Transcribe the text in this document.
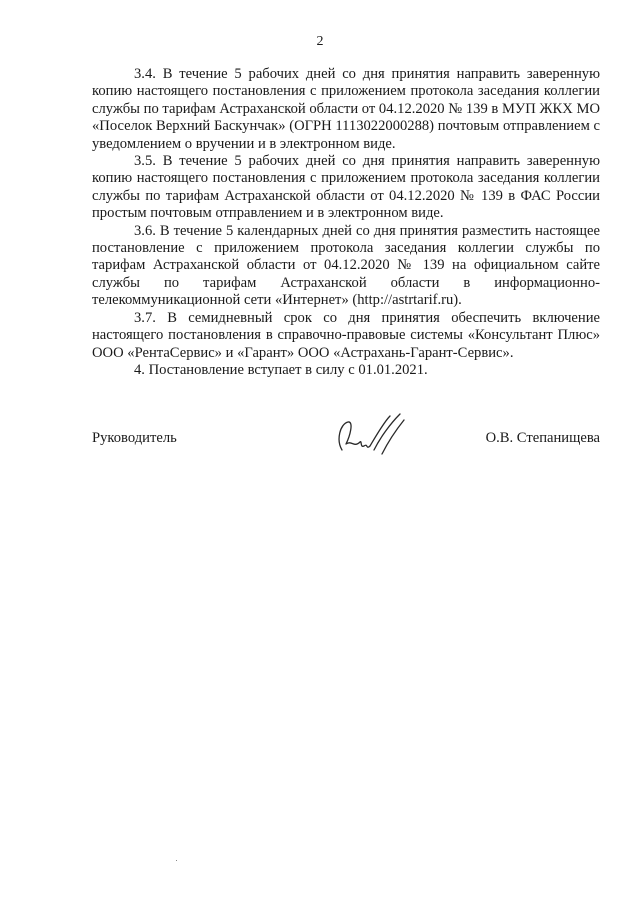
2

3.4. В течение 5 рабочих дней со дня принятия направить заверенную копию настоящего постановления с приложением протокола заседания коллегии службы по тарифам Астраханской области от 04.12.2020 № 139 в МУП ЖКХ МО «Поселок Верхний Баскунчак» (ОГРН 1113022000288) почтовым отправлением с уведомлением о вручении и в электронном виде.

3.5. В течение 5 рабочих дней со дня принятия направить заверенную копию настоящего постановления с приложением протокола заседания коллегии службы по тарифам Астраханской области от 04.12.2020 № 139 в ФАС России простым почтовым отправлением и в электронном виде.

3.6. В течение 5 календарных дней со дня принятия разместить настоящее постановление с приложением протокола заседания коллегии службы по тарифам Астраханской области от 04.12.2020 № 139 на официальном сайте службы по тарифам Астраханской области в информационно-телекоммуникационной сети «Интернет» (http://astrtarif.ru).

3.7. В семидневный срок со дня принятия обеспечить включение настоящего постановления в справочно-правовые системы «Консультант Плюс» ООО «РентаСервис» и «Гарант» ООО «Астрахань-Гарант-Сервис».

4. Постановление вступает в силу с 01.01.2021.

Руководитель	О.В. Степанищева
